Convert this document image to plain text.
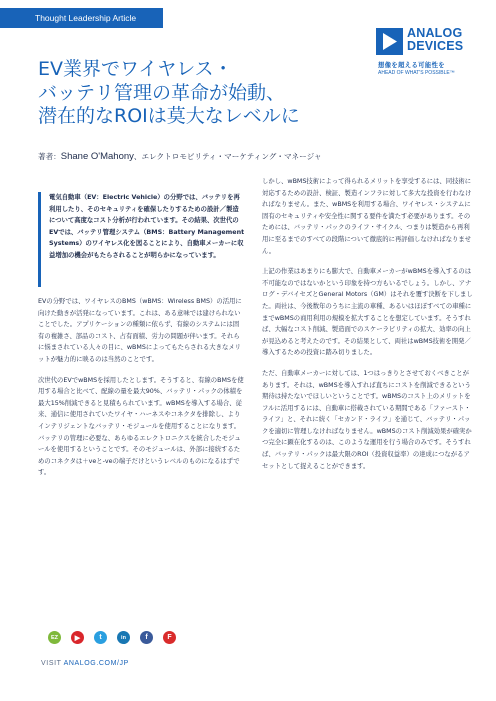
Thought Leadership Article
ANALOG
DEVICES
想像を超える可能性を
AHEAD OF WHAT'S POSSIBLE™
EV業界でワイヤレス・
バッテリ管理の革命が始動、
潜在的なROIは莫大なレベルに
著者：Shane O'Mahony、エレクトロモビリティ・マーケティング・マネージャ

電気自動車（EV：Electric Vehicle）の分野では、バッテリを再利用したり、そのセキュリティを確保したりするための設計／製造について高度なコスト分析が行われています。その結果、次世代のEVでは、バッテリ管理システム（BMS：Battery Management Systems）のワイヤレス化を図ることにより、自動車メーカーに収益増加の機会がもたらされることが明らかになっています。

EVの分野では、ワイヤレスのBMS（wBMS：Wireless BMS）の活用に向けた動きが活発になっています。これは、ある意味では建けられないことでした。アプリケーションの種類に依らず、有線のシステムには固有の複雑さ、部品のコスト、占有面積、労力の問題が伴います。それらに悩まされている人々の目に、wBMSによってもたらされる大きなメリットが魅力的に映るのは当然のことです。

次世代のEVでwBMSを採用したとします。そうすると、有線のBMSを使用する場合と比べて、配線の量を最大90%、バッテリ・パックの体積を最大15%削減できると見積もられています。wBMSを導入する場合、従来、通信に使用されていたワイヤ・ハーネスやコネクタを排除し、よりインテリジェントなバッテリ・モジュールを使用することになります。バッテリの管理に必要な、あらゆるエレクトロニクスを統合したモジュールを使用するということです。そのモジュールは、外部に接続するためのコネクタは＋veと-veの端子だけというレベルのものになるはずです。

しかし、wBMS技術によって得られるメリットを享受するには、同技術に対応するための設計、検証、製造インフラに対して多大な投資を行わなければなりません。また、wBMSを利用する場合、ワイヤレス・システムに固有のセキュリティや安全性に関する要件を満たす必要があります。そのためには、バッテリ・パックのライフ・サイクル、つまりは製造から再利用に至るまでのすべての段階について徹底的に再評価しなければなりません。

上記の作業はあまりにも膨大で、自動車メーカーがwBMSを導入するのは不可能なのではないかという印象を持つ方もいるでしょう。しかし、アナログ・デバイセズとGeneral Motors（GM）はそれを覆す決断を下しました。両社は、今後数年のうちに主流の車種、あるいはほぼすべての車種にまでwBMSの商用利用の規模を拡大することを想定しています。そうすれば、大幅なコスト削減、製造面でのスケーラビリティの拡大、効率の向上が見込めると考えたのです。その結果として、両社はwBMS技術を開発／導入するための投資に踏み切りました。

ただ、自動車メーカーに対しては、1つはっきりとさせておくべきことがあります。それは、wBMSを導入すれば直ちにコストを削減できるという期待は持たないでほしいということです。wBMSのコスト上のメリットをフルに活用するには、自動車に搭載されている期間である「ファースト・ライフ」と、それに続く「セカンド・ライフ」を通じて、バッテリ・パックを適切に管理しなければなりません。wBMSのコスト削減効果が確実かつ完全に顕在化するのは、このような運用を行う場合のみです。そうすれば、バッテリ・パックは最大限のROI（投資収益率）の達成につながるアセットとして捉えることができます。

EZ	▶	t	in	f	F
VISIT ANALOG.COM/JP
